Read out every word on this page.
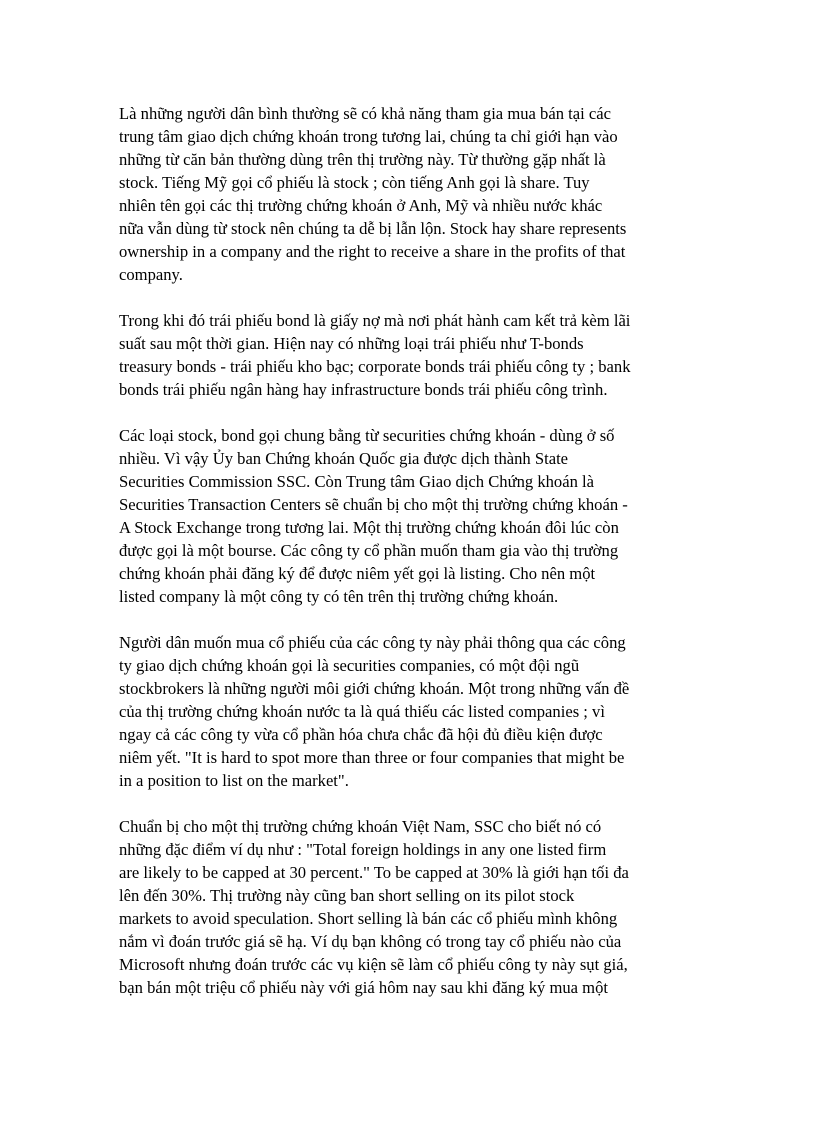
Là những người dân bình thường sẽ có khả năng tham gia mua bán tại các
trung tâm giao dịch chứng khoán trong tương lai, chúng ta chỉ giới hạn vào
những từ căn bản thường dùng trên thị trường này. Từ thường gặp nhất là
stock. Tiếng Mỹ gọi cổ phiếu là stock ; còn tiếng Anh gọi là share. Tuy
nhiên tên gọi các thị trường chứng khoán ở Anh, Mỹ và nhiều nước khác
nữa vẫn dùng từ stock nên chúng ta dễ bị lẫn lộn. Stock hay share represents
ownership in a company and the right to receive a share in the profits of that
company.

Trong khi đó trái phiếu bond là giấy nợ mà nơi phát hành cam kết trả kèm lãi
suất sau một thời gian. Hiện nay có những loại trái phiếu như T-bonds
treasury bonds - trái phiếu kho bạc; corporate bonds trái phiếu công ty ; bank
bonds trái phiếu ngân hàng hay infrastructure bonds trái phiếu công trình.

Các loại stock, bond gọi chung bằng từ securities chứng khoán - dùng ở số
nhiều. Vì vậy Ủy ban Chứng khoán Quốc gia được dịch thành State
Securities Commission SSC. Còn Trung tâm Giao dịch Chứng khoán là
Securities Transaction Centers sẽ chuẩn bị cho một thị trường chứng khoán -
A Stock Exchange trong tương lai. Một thị trường chứng khoán đôi lúc còn
được gọi là một bourse. Các công ty cổ phần muốn tham gia vào thị trường
chứng khoán phải đăng ký để được niêm yết gọi là listing. Cho nên một
listed company là một công ty có tên trên thị trường chứng khoán.

Người dân muốn mua cổ phiếu của các công ty này phải thông qua các công
ty giao dịch chứng khoán gọi là securities companies, có một đội ngũ
stockbrokers là những người môi giới chứng khoán. Một trong những vấn đề
của thị trường chứng khoán nước ta là quá thiếu các listed companies ; vì
ngay cả các công ty vừa cổ phần hóa chưa chắc đã hội đủ điều kiện được
niêm yết. "It is hard to spot more than three or four companies that might be
in a position to list on the market".

Chuẩn bị cho một thị trường chứng khoán Việt Nam, SSC cho biết nó có
những đặc điểm ví dụ như : "Total foreign holdings in any one listed firm
are likely to be capped at 30 percent." To be capped at 30% là giới hạn tối đa
lên đến 30%. Thị trường này cũng ban short selling on its pilot stock
markets to avoid speculation. Short selling là bán các cổ phiếu mình không
nắm vì đoán trước giá sẽ hạ. Ví dụ bạn không có trong tay cổ phiếu nào của
Microsoft nhưng đoán trước các vụ kiện sẽ làm cổ phiếu công ty này sụt giá,
bạn bán một triệu cổ phiếu này với giá hôm nay sau khi đăng ký mua một
